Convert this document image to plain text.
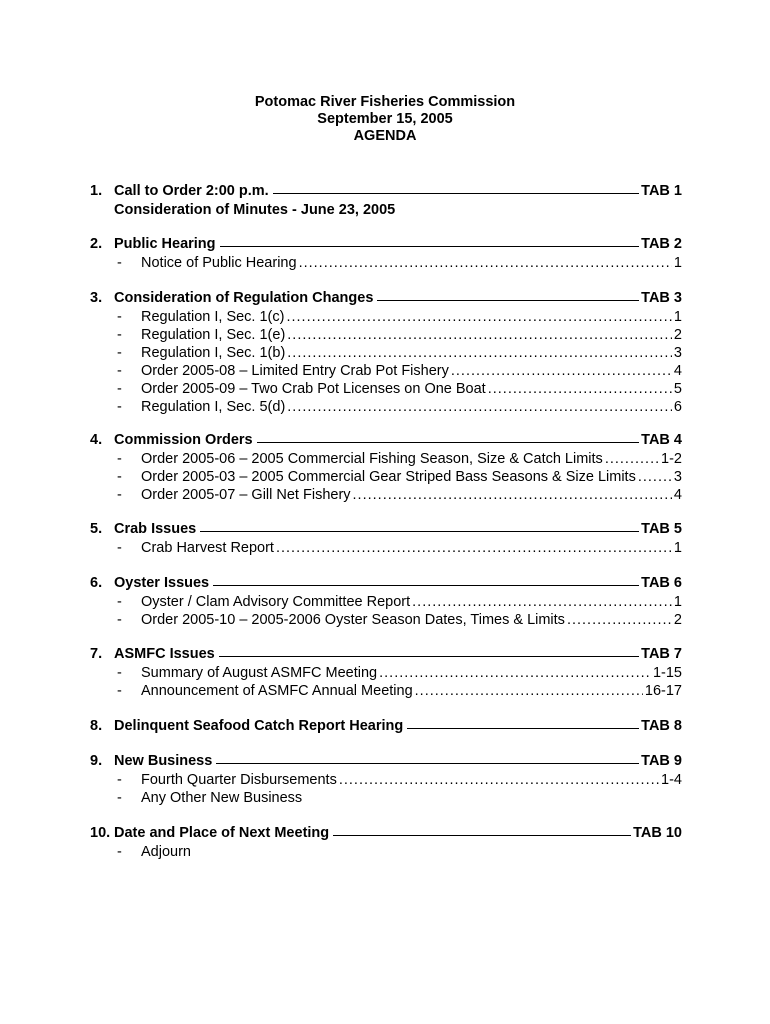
Potomac River Fisheries Commission
September 15, 2005
AGENDA
1. Call to Order 2:00 p.m.	TAB 1
Consideration of Minutes - June 23, 2005
2. Public Hearing	TAB 2
-	Notice of Public Hearing .....	1
3. Consideration of Regulation Changes	TAB 3
-	Regulation I, Sec. 1(c) .....	1
-	Regulation I, Sec. 1(e) .....	2
-	Regulation I, Sec. 1(b) .....	3
-	Order 2005-08 – Limited Entry Crab Pot Fishery .....	4
-	Order 2005-09 – Two Crab Pot Licenses on One Boat .....	5
-	Regulation I, Sec. 5(d) .....	6
4. Commission Orders	TAB 4
-	Order 2005-06 – 2005 Commercial Fishing Season, Size & Catch Limits .....	1-2
-	Order 2005-03 – 2005 Commercial Gear Striped Bass Seasons & Size Limits .....	3
-	Order 2005-07 – Gill Net Fishery .....	4
5. Crab Issues	TAB 5
-	Crab Harvest Report .....	1
6. Oyster Issues	TAB 6
-	Oyster / Clam Advisory Committee Report .....	1
-	Order 2005-10 – 2005-2006 Oyster Season Dates, Times & Limits .....	2
7. ASMFC Issues	TAB 7
-	Summary of August ASMFC Meeting .....	1-15
-	Announcement of ASMFC Annual Meeting .....	16-17
8. Delinquent Seafood Catch Report Hearing	TAB 8
9. New Business	TAB 9
-	Fourth Quarter Disbursements .....	1-4
-	Any Other New Business
10. Date and Place of Next Meeting	TAB 10
-	Adjourn
